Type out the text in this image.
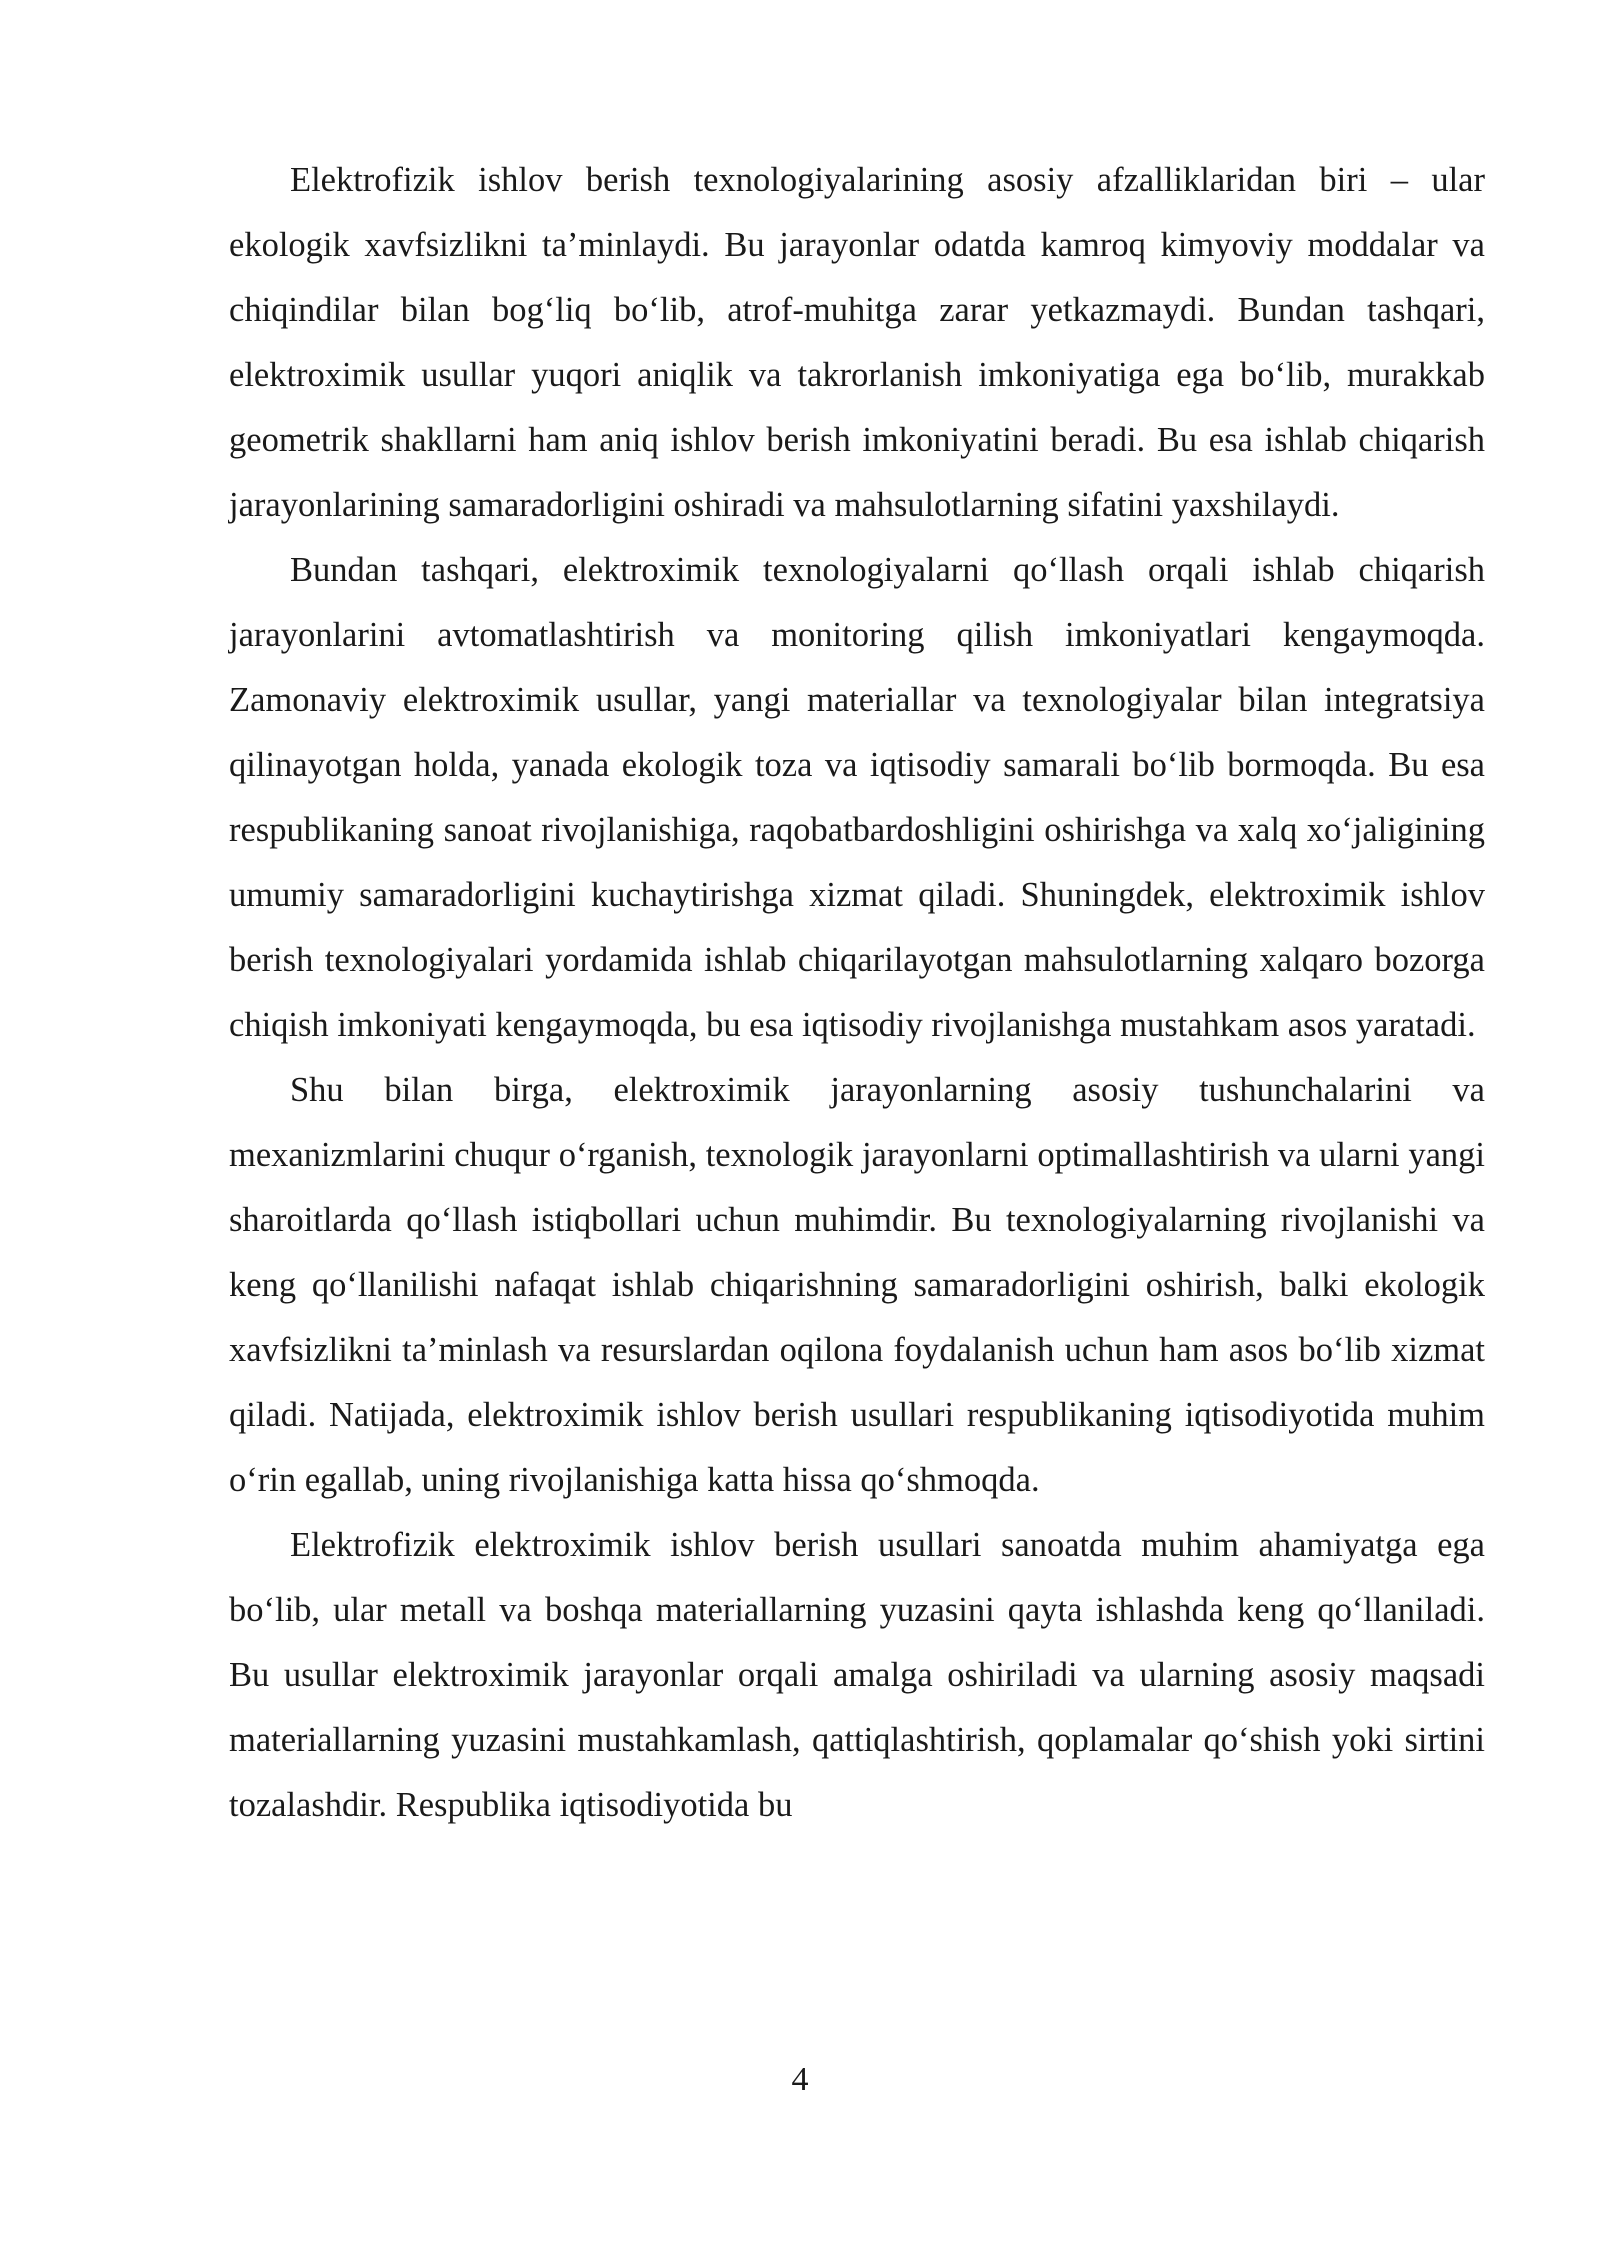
Elektrofizik ishlov berish texnologiyalarining asosiy afzalliklaridan biri – ular ekologik xavfsizlikni ta’minlaydi. Bu jarayonlar odatda kamroq kimyoviy moddalar va chiqindilar bilan bog‘liq bo‘lib, atrof-muhitga zarar yetkazmaydi. Bundan tashqari, elektroximik usullar yuqori aniqlik va takrorlanish imkoniyatiga ega bo‘lib, murakkab geometrik shakllarni ham aniq ishlov berish imkoniyatini beradi. Bu esa ishlab chiqarish jarayonlarining samaradorligini oshiradi va mahsulotlarning sifatini yaxshilaydi.

Bundan tashqari, elektroximik texnologiyalarni qo‘llash orqali ishlab chiqarish jarayonlarini avtomatlashtirish va monitoring qilish imkoniyatlari kengaymoqda. Zamonaviy elektroximik usullar, yangi materiallar va texnologiyalar bilan integratsiya qilinayotgan holda, yanada ekologik toza va iqtisodiy samarali bo‘lib bormoqda. Bu esa respublikaning sanoat rivojlanishiga, raqobatbardoshligini oshirishga va xalq xo‘jaligining umumiy samaradorligini kuchaytirishga xizmat qiladi. Shuningdek, elektroximik ishlov berish texnologiyalari yordamida ishlab chiqarilayotgan mahsulotlarning xalqaro bozorga chiqish imkoniyati kengaymoqda, bu esa iqtisodiy rivojlanishga mustahkam asos yaratadi.

Shu bilan birga, elektroximik jarayonlarning asosiy tushunchalarini va mexanizmlarini chuqur o‘rganish, texnologik jarayonlarni optimallashtirish va ularni yangi sharoitlarda qo‘llash istiqbollari uchun muhimdir. Bu texnologiyalarning rivojlanishi va keng qo‘llanilishi nafaqat ishlab chiqarishning samaradorligini oshirish, balki ekologik xavfsizlikni ta’minlash va resurslardan oqilona foydalanish uchun ham asos bo‘lib xizmat qiladi. Natijada, elektroximik ishlov berish usullari respublikaning iqtisodiyotida muhim o‘rin egallab, uning rivojlanishiga katta hissa qo‘shmoqda.

Elektrofizik elektroximik ishlov berish usullari sanoatda muhim ahamiyatga ega bo‘lib, ular metall va boshqa materiallarning yuzasini qayta ishlashda keng qo‘llaniladi. Bu usullar elektroximik jarayonlar orqali amalga oshiriladi va ularning asosiy maqsadi materiallarning yuzasini mustahkamlash, qattiqlashtirish, qoplamalar qo‘shish yoki sirtini tozalashdir. Respublika iqtisodiyotida bu

4
